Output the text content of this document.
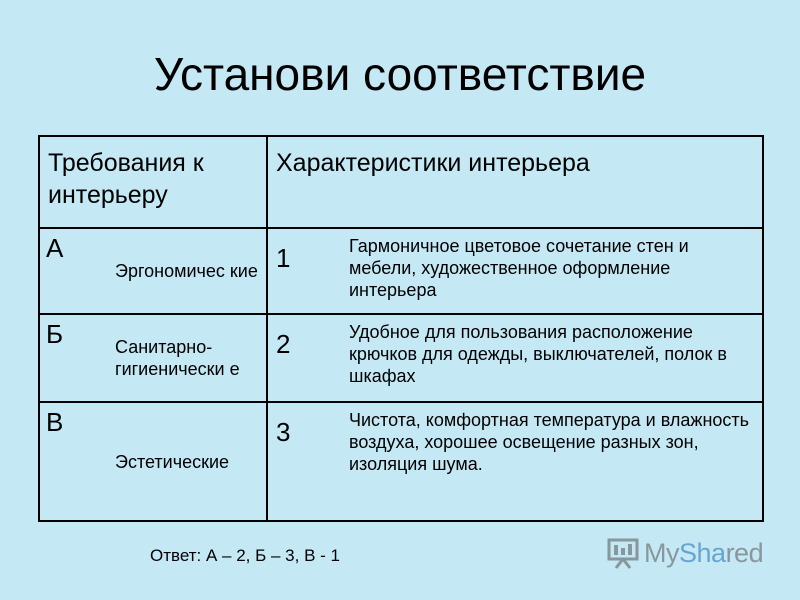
Установи соответствие
Требования к интерьеру		Характеристики интерьера	
А	Эргономичес кие	1	Гармоничное цветовое сочетание стен и мебели, художественное оформление интерьера
Б	Санитарно-гигиенически е	2	Удобное для пользования расположение крючков для одежды, выключателей, полок в шкафах
В	Эстетические	3	Чистота, комфортная температура и влажность воздуха, хорошее освещение разных зон, изоляция шума.
Ответ: А – 2, Б – 3, В - 1	MyShared
